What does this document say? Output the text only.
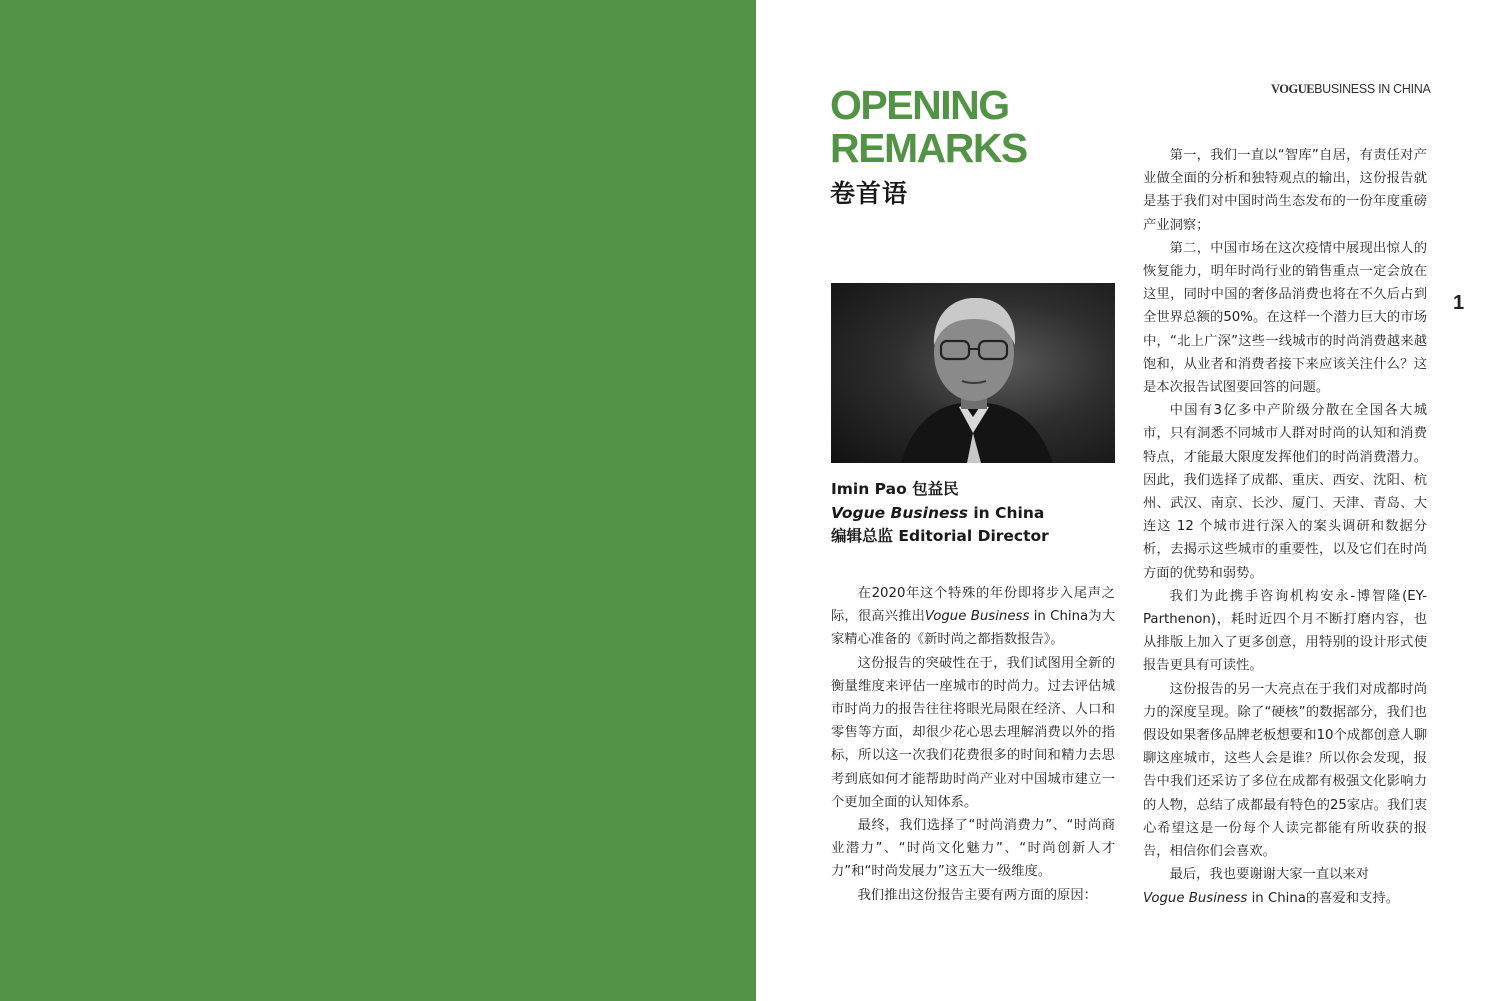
VOGUEBUSINESS IN CHINA
OPENING
REMARKS
卷首语
Imin Pao 包益民
Vogue Business in China
编辑总监 Editorial Director

在2020年这个特殊的年份即将步入尾声之际，很高兴推出Vogue Business in China为大家精心准备的《新时尚之都指数报告》。

这份报告的突破性在于，我们试图用全新的衡量维度来评估一座城市的时尚力。过去评估城市时尚力的报告往往将眼光局限在经济、人口和零售等方面，却很少花心思去理解消费以外的指标，所以这一次我们花费很多的时间和精力去思考到底如何才能帮助时尚产业对中国城市建立一个更加全面的认知体系。

最终，我们选择了“时尚消费力”、“时尚商业潜力”、“时尚文化魅力”、“时尚创新人才力”和“时尚发展力”这五大一级维度。

我们推出这份报告主要有两方面的原因：

第一，我们一直以“智库”自居，有责任对产业做全面的分析和独特观点的输出，这份报告就是基于我们对中国时尚生态发布的一份年度重磅产业洞察；

第二，中国市场在这次疫情中展现出惊人的恢复能力，明年时尚行业的销售重点一定会放在这里，同时中国的奢侈品消费也将在不久后占到全世界总额的50%。在这样一个潜力巨大的市场中，“北上广深”这些一线城市的时尚消费越来越饱和，从业者和消费者接下来应该关注什么？这是本次报告试图要回答的问题。

中国有3亿多中产阶级分散在全国各大城市，只有洞悉不同城市人群对时尚的认知和消费特点，才能最大限度发挥他们的时尚消费潜力。因此，我们选择了成都、重庆、西安、沈阳、杭州、武汉、南京、长沙、厦门、天津、青岛、大连这 12 个城市进行深入的案头调研和数据分析，去揭示这些城市的重要性，以及它们在时尚方面的优势和弱势。

我们为此携手咨询机构安永-博智隆(EY-Parthenon)，耗时近四个月不断打磨内容，也从排版上加入了更多创意，用特别的设计形式使报告更具有可读性。

这份报告的另一大亮点在于我们对成都时尚力的深度呈现。除了“硬核”的数据部分，我们也假设如果奢侈品牌老板想要和10个成都创意人聊聊这座城市，这些人会是谁？所以你会发现，报告中我们还采访了多位在成都有极强文化影响力的人物，总结了成都最有特色的25家店。我们衷心希望这是一份每个人读完都能有所收获的报告，相信你们会喜欢。

最后，我也要谢谢大家一直以来对
Vogue Business in China的喜爱和支持。

1
